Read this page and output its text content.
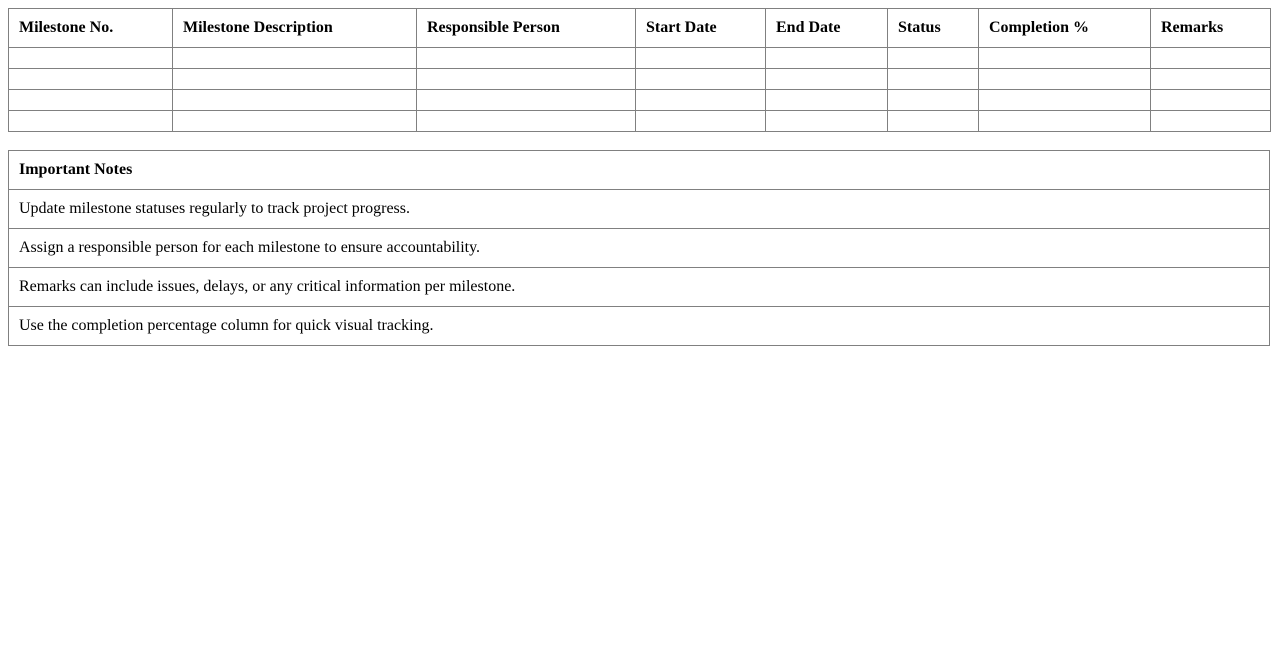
Milestone No.	Milestone Description	Responsible Person	Start Date	End Date	Status	Completion %	Remarks

Important Notes
Update milestone statuses regularly to track project progress.
Assign a responsible person for each milestone to ensure accountability.
Remarks can include issues, delays, or any critical information per milestone.
Use the completion percentage column for quick visual tracking.
